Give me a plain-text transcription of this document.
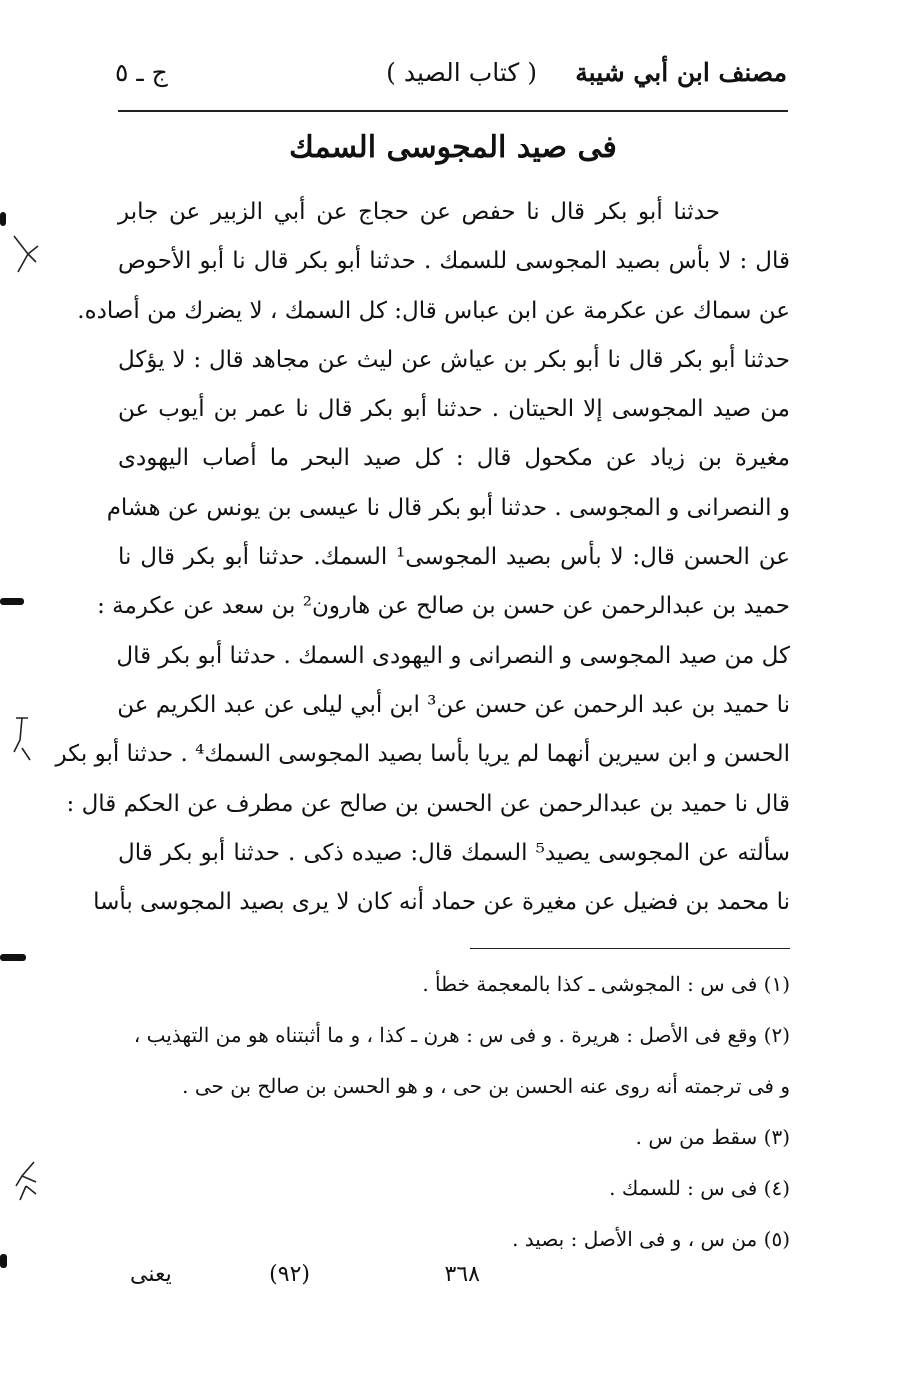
مصنف ابن أبي شيبة
( كتاب الصيد )
ج ـ ٥
فى صيد المجوسى السمك
حدثنا أبو بكر قال نا حفص عن حجاج عن أبي الزبير عن جابر
قال : لا بأس بصيد المجوسى للسمك . حدثنا أبو بكر قال نا أبو الأحوص
عن سماك عن عكرمة عن ابن عباس قال: كل السمك ، لا يضرك من أصاده.
حدثنا أبو بكر قال نا أبو بكر بن عياش عن ليث عن مجاهد قال : لا يؤكل
من صيد المجوسى إلا الحيتان . حدثنا أبو بكر قال نا عمر بن أيوب عن
مغيرة بن زياد عن مكحول قال : كل صيد البحر ما أصاب اليهودى
و النصرانى و المجوسى . حدثنا أبو بكر قال نا عيسى بن يونس عن هشام
عن الحسن قال: لا بأس بصيد المجوسى¹ السمك. حدثنا أبو بكر قال نا
حميد بن عبدالرحمن عن حسن بن صالح عن هارون² بن سعد عن عكرمة :
كل من صيد المجوسى و النصرانى و اليهودى السمك . حدثنا أبو بكر قال
نا حميد بن عبد الرحمن عن حسن عن³ ابن أبي ليلى عن عبد الكريم عن
الحسن و ابن سيرين أنهما لم يريا بأسا بصيد المجوسى السمك⁴ . حدثنا أبو بكر
قال نا حميد بن عبدالرحمن عن الحسن بن صالح عن مطرف عن الحكم قال :
سألته عن المجوسى يصيد⁵ السمك قال: صيده ذكى . حدثنا أبو بكر قال
نا محمد بن فضيل عن مغيرة عن حماد أنه كان لا يرى بصيد المجوسى بأسا
(١) فى س : المجوشى ـ كذا بالمعجمة خطأ .
(٢) وقع فى الأصل : هريرة . و فى س : هرن ـ كذا ، و ما أثبتناه هو من التهذيب ،
و فى ترجمته أنه روى عنه الحسن بن حى ، و هو الحسن بن صالح بن حى .
(٣) سقط من س .
(٤) فى س : للسمك .
(٥) من س ، و فى الأصل : بصيد .
٣٦٨
(٩٢)
يعنى
